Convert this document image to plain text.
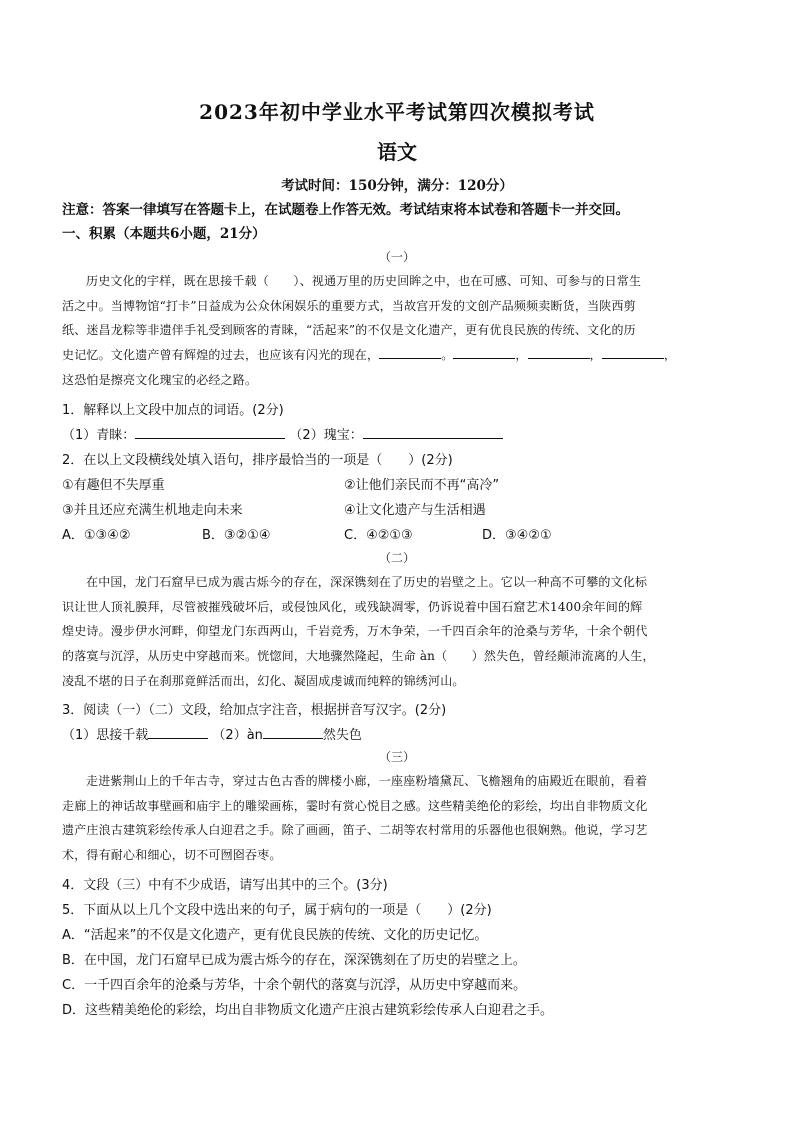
2023年初中学业水平考试第四次模拟考试
语文
考试时间：150分钟，满分：120分）
注意：答案一律填写在答题卡上，在试题卷上作答无效。考试结束将本试卷和答题卡一并交回。
一、积累（本题共6小题，21分）
（一）
历史文化的宇样，既在思接千载（　　）、视通万里的历史回眸之中，也在可感、可知、可参与的日常生
活之中。当博物馆“打卡”日益成为公众休闲娱乐的重要方式，当故宫开发的文创产品频频卖断货，当陕西剪
纸、迷昌龙粽等非遗伴手礼受到顾客的青睐，“活起来”的不仅是文化遗产，更有优良民族的传统、文化的历
史记忆。文化遗产曾有辉煌的过去，也应该有闪光的现在，	。	，	，	，
这恐怕是擦亮文化瑰宝的必经之路。
1．解释以上文段中加点的词语。(2分)
（1）青睐：	（2）瑰宝：
2．在以上文段横线处填入语句，排序最恰当的一项是（　　）(2分)
①有趣但不失厚重	②让他们亲民而不再“高冷”
③并且还应充满生机地走向未来	④让文化遗产与生活相遇
A．①③④②	B．③②①④	C．④②①③	D．③④②①
（二）
在中国，龙门石窟早已成为震古烁今的存在，深深镌刻在了历史的岩壁之上。它以一种高不可攀的文化标
识让世人顶礼膜拜，尽管被摧残破坏后，或侵蚀风化，或残缺凋零，仍诉说着中国石窟艺术1400余年间的辉
煌史诗。漫步伊水河畔，仰望龙门东西两山，千岩竞秀，万木争荣，一千四百余年的沧桑与芳华，十余个朝代
的落寞与沉浮，从历史中穿越而来。恍惚间，大地骤然隆起，生命 àn（　　）然失色，曾经颠沛流离的人生，
凌乱不堪的日子在刹那竟鲜活而出，幻化、凝固成虔诚而纯粹的锦绣河山。
3．阅读（一）（二）文段，给加点字注音，根据拼音写汉字。(2分)
（1）思接千载	（2）àn	然失色
（三）
走进紫荆山上的千年古寺，穿过古色古香的牌楼小廊，一座座粉墙黛瓦、飞檐翘角的庙殿近在眼前，看着
走廊上的神话故事壁画和庙宇上的雕梁画栋，霎时有赏心悦目之感。这些精美绝伦的彩绘，均出自非物质文化
遗产庄浪古建筑彩绘传承人白迎君之手。除了画画，笛子、二胡等农村常用的乐器他也很娴熟。他说，学习艺
术，得有耐心和细心，切不可囫囵吞枣。
4．文段（三）中有不少成语，请写出其中的三个。(3分)
5．下面从以上几个文段中选出来的句子，属于病句的一项是（　　）(2分)
A．“活起来”的不仅是文化遗产，更有优良民族的传统、文化的历史记忆。
B．在中国，龙门石窟早已成为震古烁今的存在，深深镌刻在了历史的岩壁之上。
C．一千四百余年的沧桑与芳华，十余个朝代的落寞与沉浮，从历史中穿越而来。
D．这些精美绝伦的彩绘，均出自非物质文化遗产庄浪古建筑彩绘传承人白迎君之手。
